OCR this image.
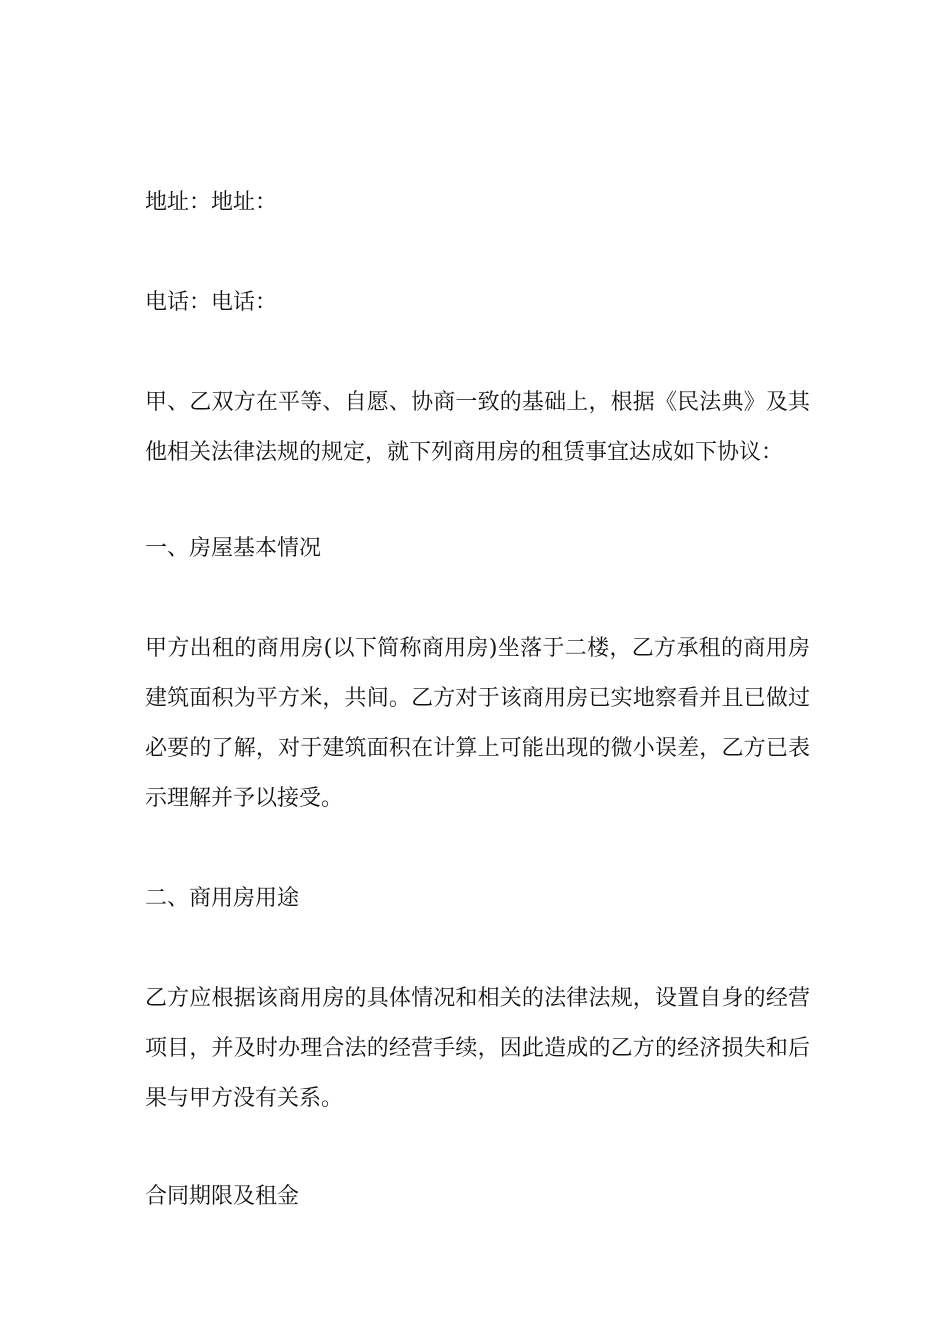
地址：地址：

电话：电话：

甲、乙双方在平等、自愿、协商一致的基础上，根据《民法典》及其他相关法律法规的规定，就下列商用房的租赁事宜达成如下协议：

一、房屋基本情况

甲方出租的商用房(以下简称商用房)坐落于二楼，乙方承租的商用房建筑面积为平方米，共间。乙方对于该商用房已实地察看并且已做过必要的了解，对于建筑面积在计算上可能出现的微小误差，乙方已表示理解并予以接受。

二、商用房用途

乙方应根据该商用房的具体情况和相关的法律法规，设置自身的经营项目，并及时办理合法的经营手续，因此造成的乙方的经济损失和后果与甲方没有关系。

合同期限及租金
